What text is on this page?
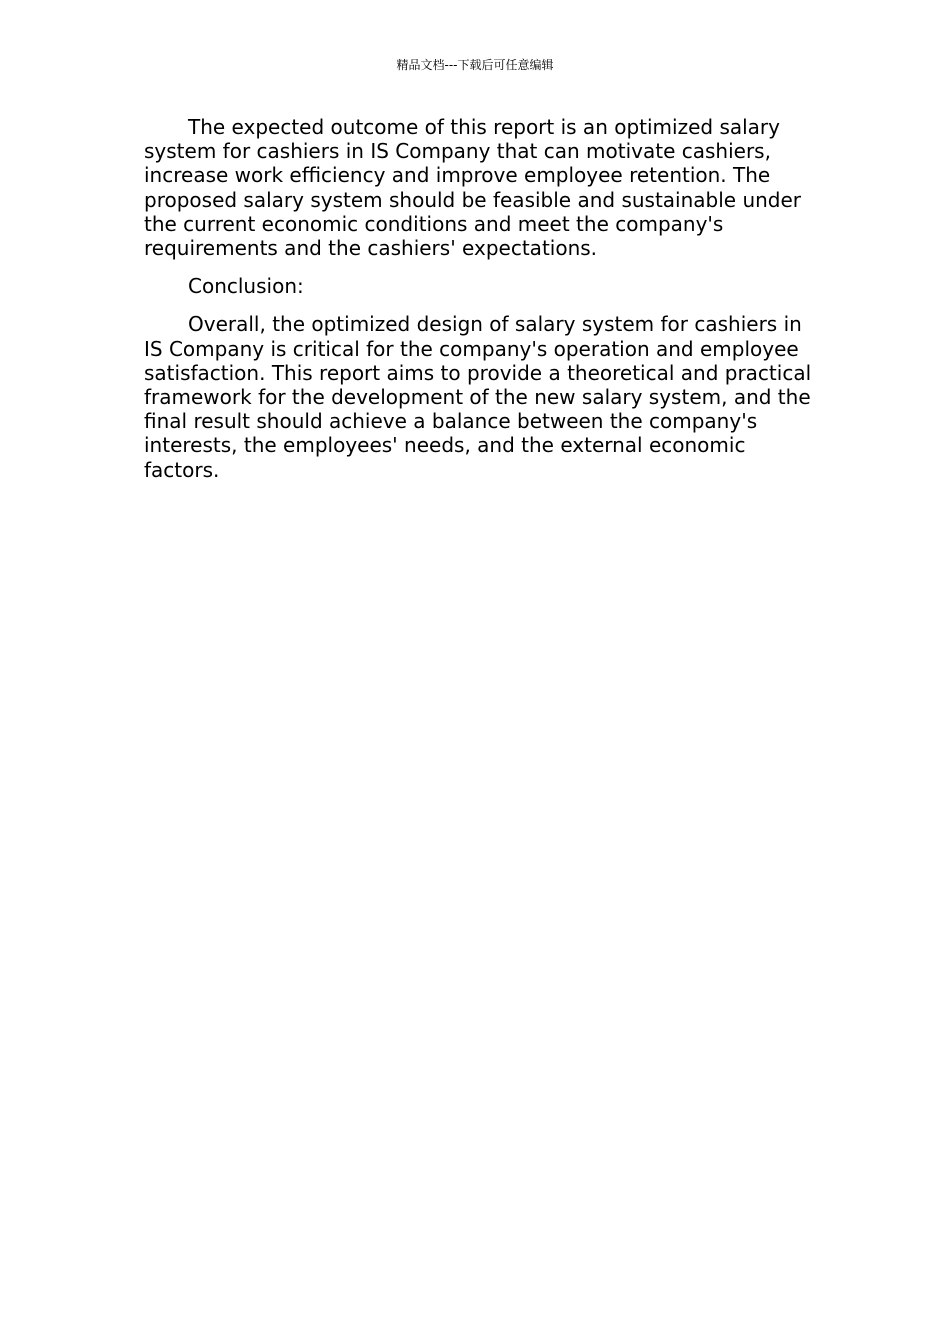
精品文档---下载后可任意编辑

The expected outcome of this report is an optimized salary system for cashiers in IS Company that can motivate cashiers, increase work efficiency and improve employee retention. The proposed salary system should be feasible and sustainable under the current economic conditions and meet the company's requirements and the cashiers' expectations.

Conclusion:

Overall, the optimized design of salary system for cashiers in IS Company is critical for the company's operation and employee satisfaction. This report aims to provide a theoretical and practical framework for the development of the new salary system, and the final result should achieve a balance between the company's interests, the employees' needs, and the external economic factors.
